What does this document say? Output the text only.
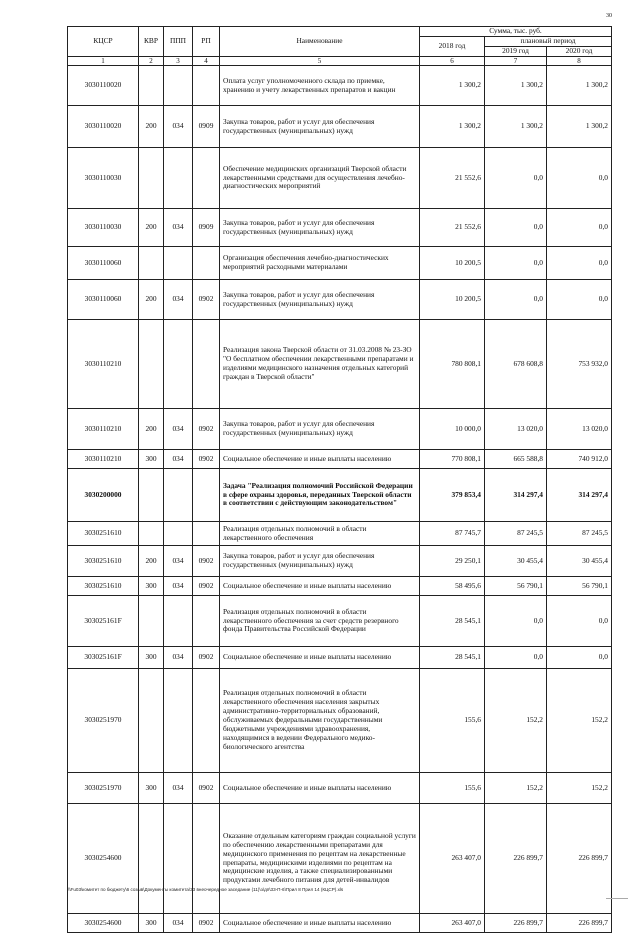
30
КЦСР	КВР	ППП	РП	Наименование	Сумма, тыс. руб.		
					2018 год	плановый период	
						2019 год	2020 год
1	2	3	4	5	6	7	8
3030110020				Оплата услуг уполномоченного склада по приемке, хранению и учету лекарственных препаратов и вакцин	1 300,2	1 300,2	1 300,2
3030110020	200	034	0909	Закупка товаров, работ и услуг для обеспечения государственных (муниципальных) нужд	1 300,2	1 300,2	1 300,2
3030110030				Обеспечение медицинских организаций Тверской области лекарственными средствами для осуществления лечебно-диагностических мероприятий	21 552,6	0,0	0,0
3030110030	200	034	0909	Закупка товаров, работ и услуг для обеспечения государственных (муниципальных) нужд	21 552,6	0,0	0,0
3030110060				Организация обеспечения лечебно-диагностических мероприятий расходными материалами	10 200,5	0,0	0,0
3030110060	200	034	0902	Закупка товаров, работ и услуг для обеспечения государственных (муниципальных) нужд	10 200,5	0,0	0,0
3030110210				Реализация закона Тверской области от 31.03.2008 № 23-ЗО "О бесплатном обеспечении лекарственными препаратами и изделиями медицинского назначения отдельных категорий граждан в Тверской области"	780 808,1	678 608,8	753 932,0
3030110210	200	034	0902	Закупка товаров, работ и услуг для обеспечения государственных (муниципальных) нужд	10 000,0	13 020,0	13 020,0
3030110210	300	034	0902	Социальное обеспечение и иные выплаты населению	770 808,1	665 588,8	740 912,0
3030200000				Задача "Реализация полномочий Российской Федерации в сфере охраны здоровья, переданных Тверской области в соответствии с действующим законодательством"	379 853,4	314 297,4	314 297,4
3030251610				Реализация отдельных полномочий в области лекарственного обеспечения	87 745,7	87 245,5	87 245,5
3030251610	200	034	0902	Закупка товаров, работ и услуг для обеспечения государственных (муниципальных) нужд	29 250,1	30 455,4	30 455,4
3030251610	300	034	0902	Социальное обеспечение и иные выплаты населению	58 495,6	56 790,1	56 790,1
303025161F				Реализация отдельных полномочий в области лекарственного обеспечения за счет средств резервного фонда Правительства Российской Федерации	28 545,1	0,0	0,0
303025161F	300	034	0902	Социальное обеспечение и иные выплаты населению	28 545,1	0,0	0,0
3030251970				Реализация отдельных полномочий в области лекарственного обеспечения населения закрытых административно-территориальных образований, обслуживаемых федеральными государственными бюджетными учреждениями здравоохранения, находящимися в ведении Федерального медико-биологического агентства	155,6	152,2	152,2
3030251970	300	034	0902	Социальное обеспечение и иные выплаты населению	155,6	152,2	152,2
3030254600				Оказание отдельным категориям граждан социальной услуги по обеспечению лекарственными препаратами для медицинского применения по рецептам на лекарственные препараты, медицинскими изделиями по рецептам на медицинские изделия, а также специализированными продуктами лечебного питания для детей-инвалидов	263 407,0	226 899,7	226 899,7
3030254600	300	034	0902	Социальное обеспечение и иные выплаты населению	263 407,0	226 899,7	226 899,7
\\Fu03\комитет по бюджету\6 созыв\Документы комитета\33 внеочередное заседание (11)\з\дп\33-П-6\Прил 8 Прил 14 (КЦСР).xls
